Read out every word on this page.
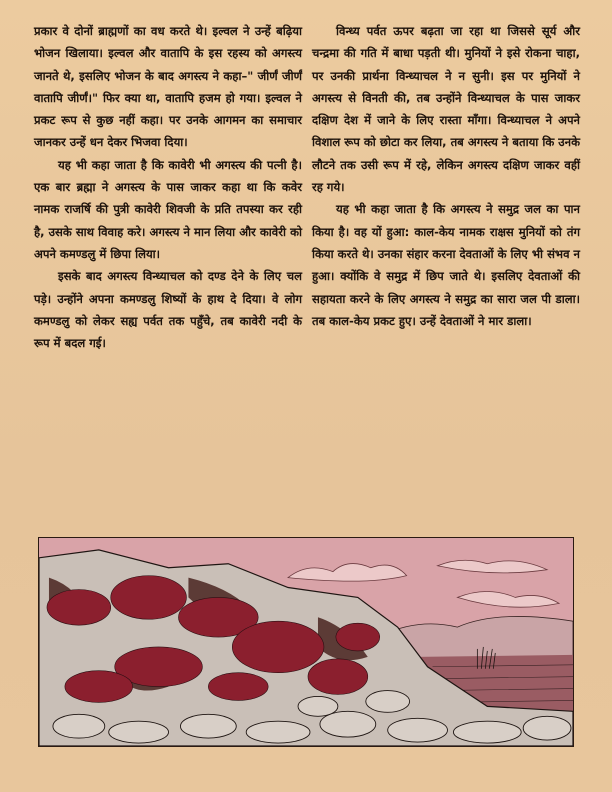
प्रकार वे दोनों ब्राह्मणों का वध करते थे। इल्वल ने उन्हें बढ़िया भोजन खिलाया। इल्वल और वातापि के इस रहस्य को अगस्त्य जानते थे, इसलिए भोजन के बाद अगस्त्य ने कहा–" जीर्णं जीर्णं वातापि जीर्णं।" फिर क्या था, वातापि हजम हो गया। इल्वल ने प्रकट रूप से कुछ नहीं कहा। पर उनके आगमन का समाचार जानकर उन्हें धन देकर भिजवा दिया।

यह भी कहा जाता है कि कावेरी भी अगस्त्य की पत्नी है। एक बार ब्रह्मा ने अगस्त्य के पास जाकर कहा था कि कवेर नामक राजर्षि की पुत्री कावेरी शिवजी के प्रति तपस्या कर रही है, उसके साथ विवाह करे। अगस्त्य ने मान लिया और कावेरी को अपने कमण्डलु में छिपा लिया।

इसके बाद अगस्त्य विन्ध्याचल को दण्ड देने के लिए चल पड़े। उन्होंने अपना कमण्डलु शिष्यों के हाथ दे दिया। वे लोग कमण्डलु को लेकर सह्य पर्वत तक पहुँचे, तब कावेरी नदी के रूप में बदल गई।

विन्ध्य पर्वत ऊपर बढ़ता जा रहा था जिससे सूर्य और चन्द्रमा की गति में बाधा पड़ती थी। मुनियों ने इसे रोकना चाहा, पर उनकी प्रार्थना विन्ध्याचल ने न सुनी। इस पर मुनियों ने अगस्त्य से विनती की, तब उन्होंने विन्ध्याचल के पास जाकर दक्षिण देश में जाने के लिए रास्ता माँगा। विन्ध्याचल ने अपने विशाल रूप को छोटा कर लिया, तब अगस्त्य ने बताया कि उनके लौटने तक उसी रूप में रहे, लेकिन अगस्त्य दक्षिण जाकर वहीं रह गये।

यह भी कहा जाता है कि अगस्त्य ने समुद्र जल का पान किया है। वह यों हुआ: काल-केय नामक राक्षस मुनियों को तंग किया करते थे। उनका संहार करना देवताओं के लिए भी संभव न हुआ। क्योंकि वे समुद्र में छिप जाते थे। इसलिए देवताओं की सहायता करने के लिए अगस्त्य ने समुद्र का सारा जल पी डाला। तब काल-केय प्रकट हुए। उन्हें देवताओं ने मार डाला।
